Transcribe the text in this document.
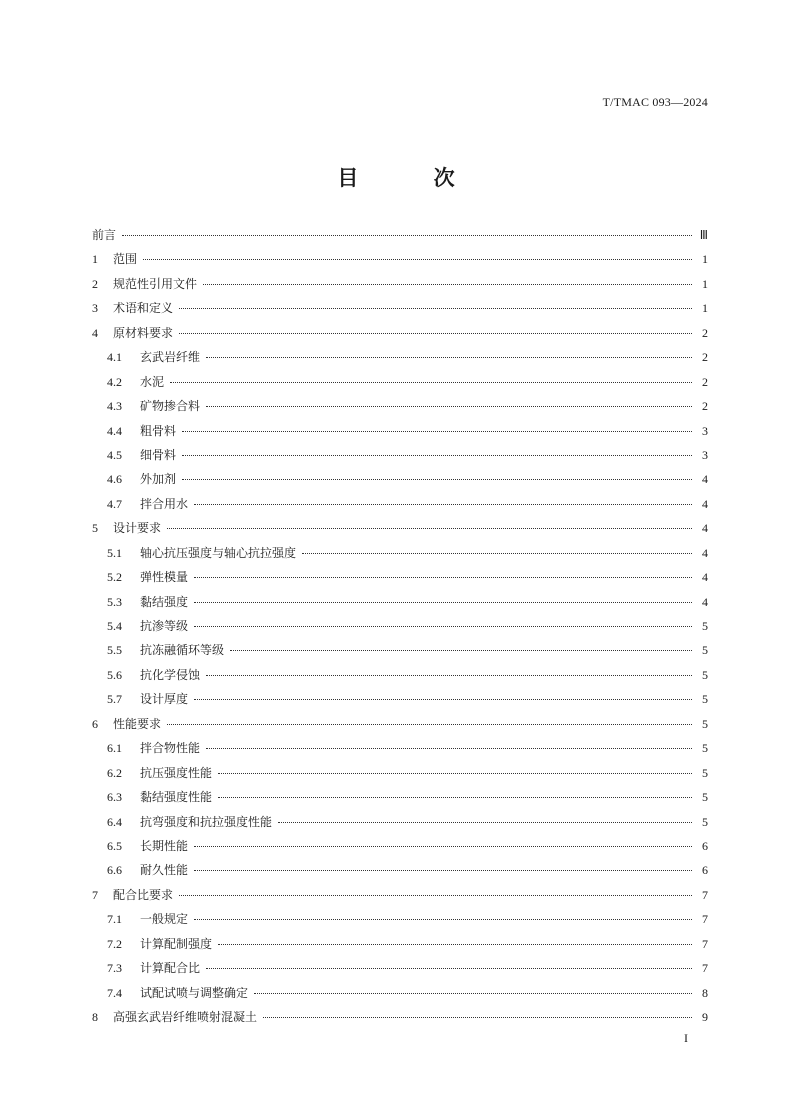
T/TMAC 093—2024
目 次
前言	Ⅲ
1	范围	1
2	规范性引用文件	1
3	术语和定义	1
4	原材料要求	2
4.1	玄武岩纤维	2
4.2	水泥	2
4.3	矿物掺合料	2
4.4	粗骨料	3
4.5	细骨料	3
4.6	外加剂	4
4.7	拌合用水	4
5	设计要求	4
5.1	轴心抗压强度与轴心抗拉强度	4
5.2	弹性模量	4
5.3	黏结强度	4
5.4	抗渗等级	5
5.5	抗冻融循环等级	5
5.6	抗化学侵蚀	5
5.7	设计厚度	5
6	性能要求	5
6.1	拌合物性能	5
6.2	抗压强度性能	5
6.3	黏结强度性能	5
6.4	抗弯强度和抗拉强度性能	5
6.5	长期性能	6
6.6	耐久性能	6
7	配合比要求	7
7.1	一般规定	7
7.2	计算配制强度	7
7.3	计算配合比	7
7.4	试配试喷与调整确定	8
8	高强玄武岩纤维喷射混凝土	9
I
